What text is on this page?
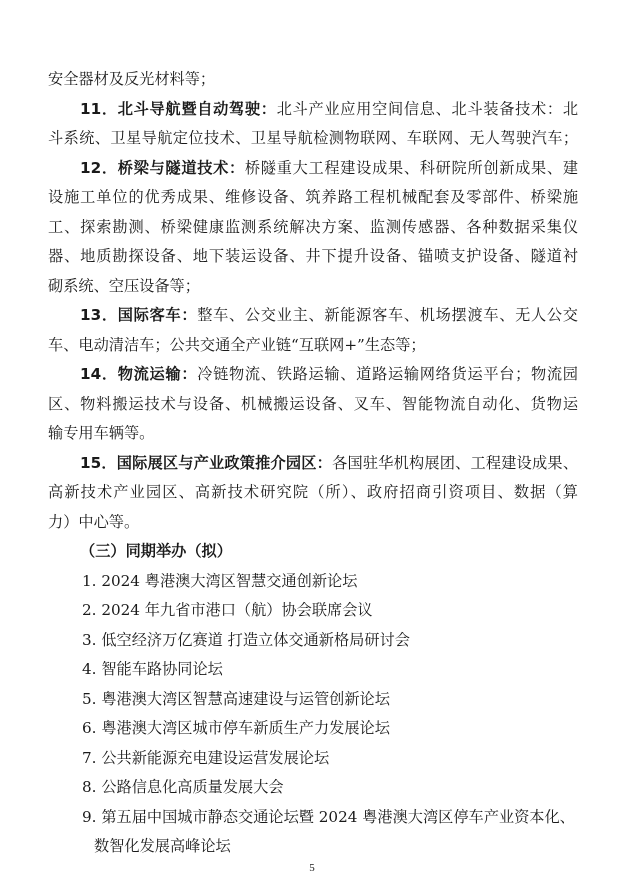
安全器材及反光材料等；
11．北斗导航暨自动驾驶：北斗产业应用空间信息、北斗装备技术：北
斗系统、卫星导航定位技术、卫星导航检测物联网、车联网、无人驾驶汽车；
12．桥梁与隧道技术：桥隧重大工程建设成果、科研院所创新成果、建
设施工单位的优秀成果、维修设备、筑养路工程机械配套及零部件、桥梁施
工、探索勘测、桥梁健康监测系统解决方案、监测传感器、各种数据采集仪
器、地质勘探设备、地下装运设备、井下提升设备、锚喷支护设备、隧道衬
砌系统、空压设备等；
13．国际客车：整车、公交业主、新能源客车、机场摆渡车、无人公交
车、电动清洁车；公共交通全产业链“互联网+”生态等；
14．物流运输：冷链物流、铁路运输、道路运输网络货运平台；物流园
区、物料搬运技术与设备、机械搬运设备、叉车、智能物流自动化、货物运
输专用车辆等。
15．国际展区与产业政策推介园区：各国驻华机构展团、工程建设成果、
高新技术产业园区、高新技术研究院（所）、政府招商引资项目、数据（算
力）中心等。
（三）同期举办（拟）
1. 2024 粤港澳大湾区智慧交通创新论坛
2. 2024 年九省市港口（航）协会联席会议
3. 低空经济万亿赛道 打造立体交通新格局研讨会
4. 智能车路协同论坛
5. 粤港澳大湾区智慧高速建设与运管创新论坛
6. 粤港澳大湾区城市停车新质生产力发展论坛
7. 公共新能源充电建设运营发展论坛
8. 公路信息化高质量发展大会
9. 第五届中国城市静态交通论坛暨 2024 粤港澳大湾区停车产业资本化、
数智化发展高峰论坛
5
